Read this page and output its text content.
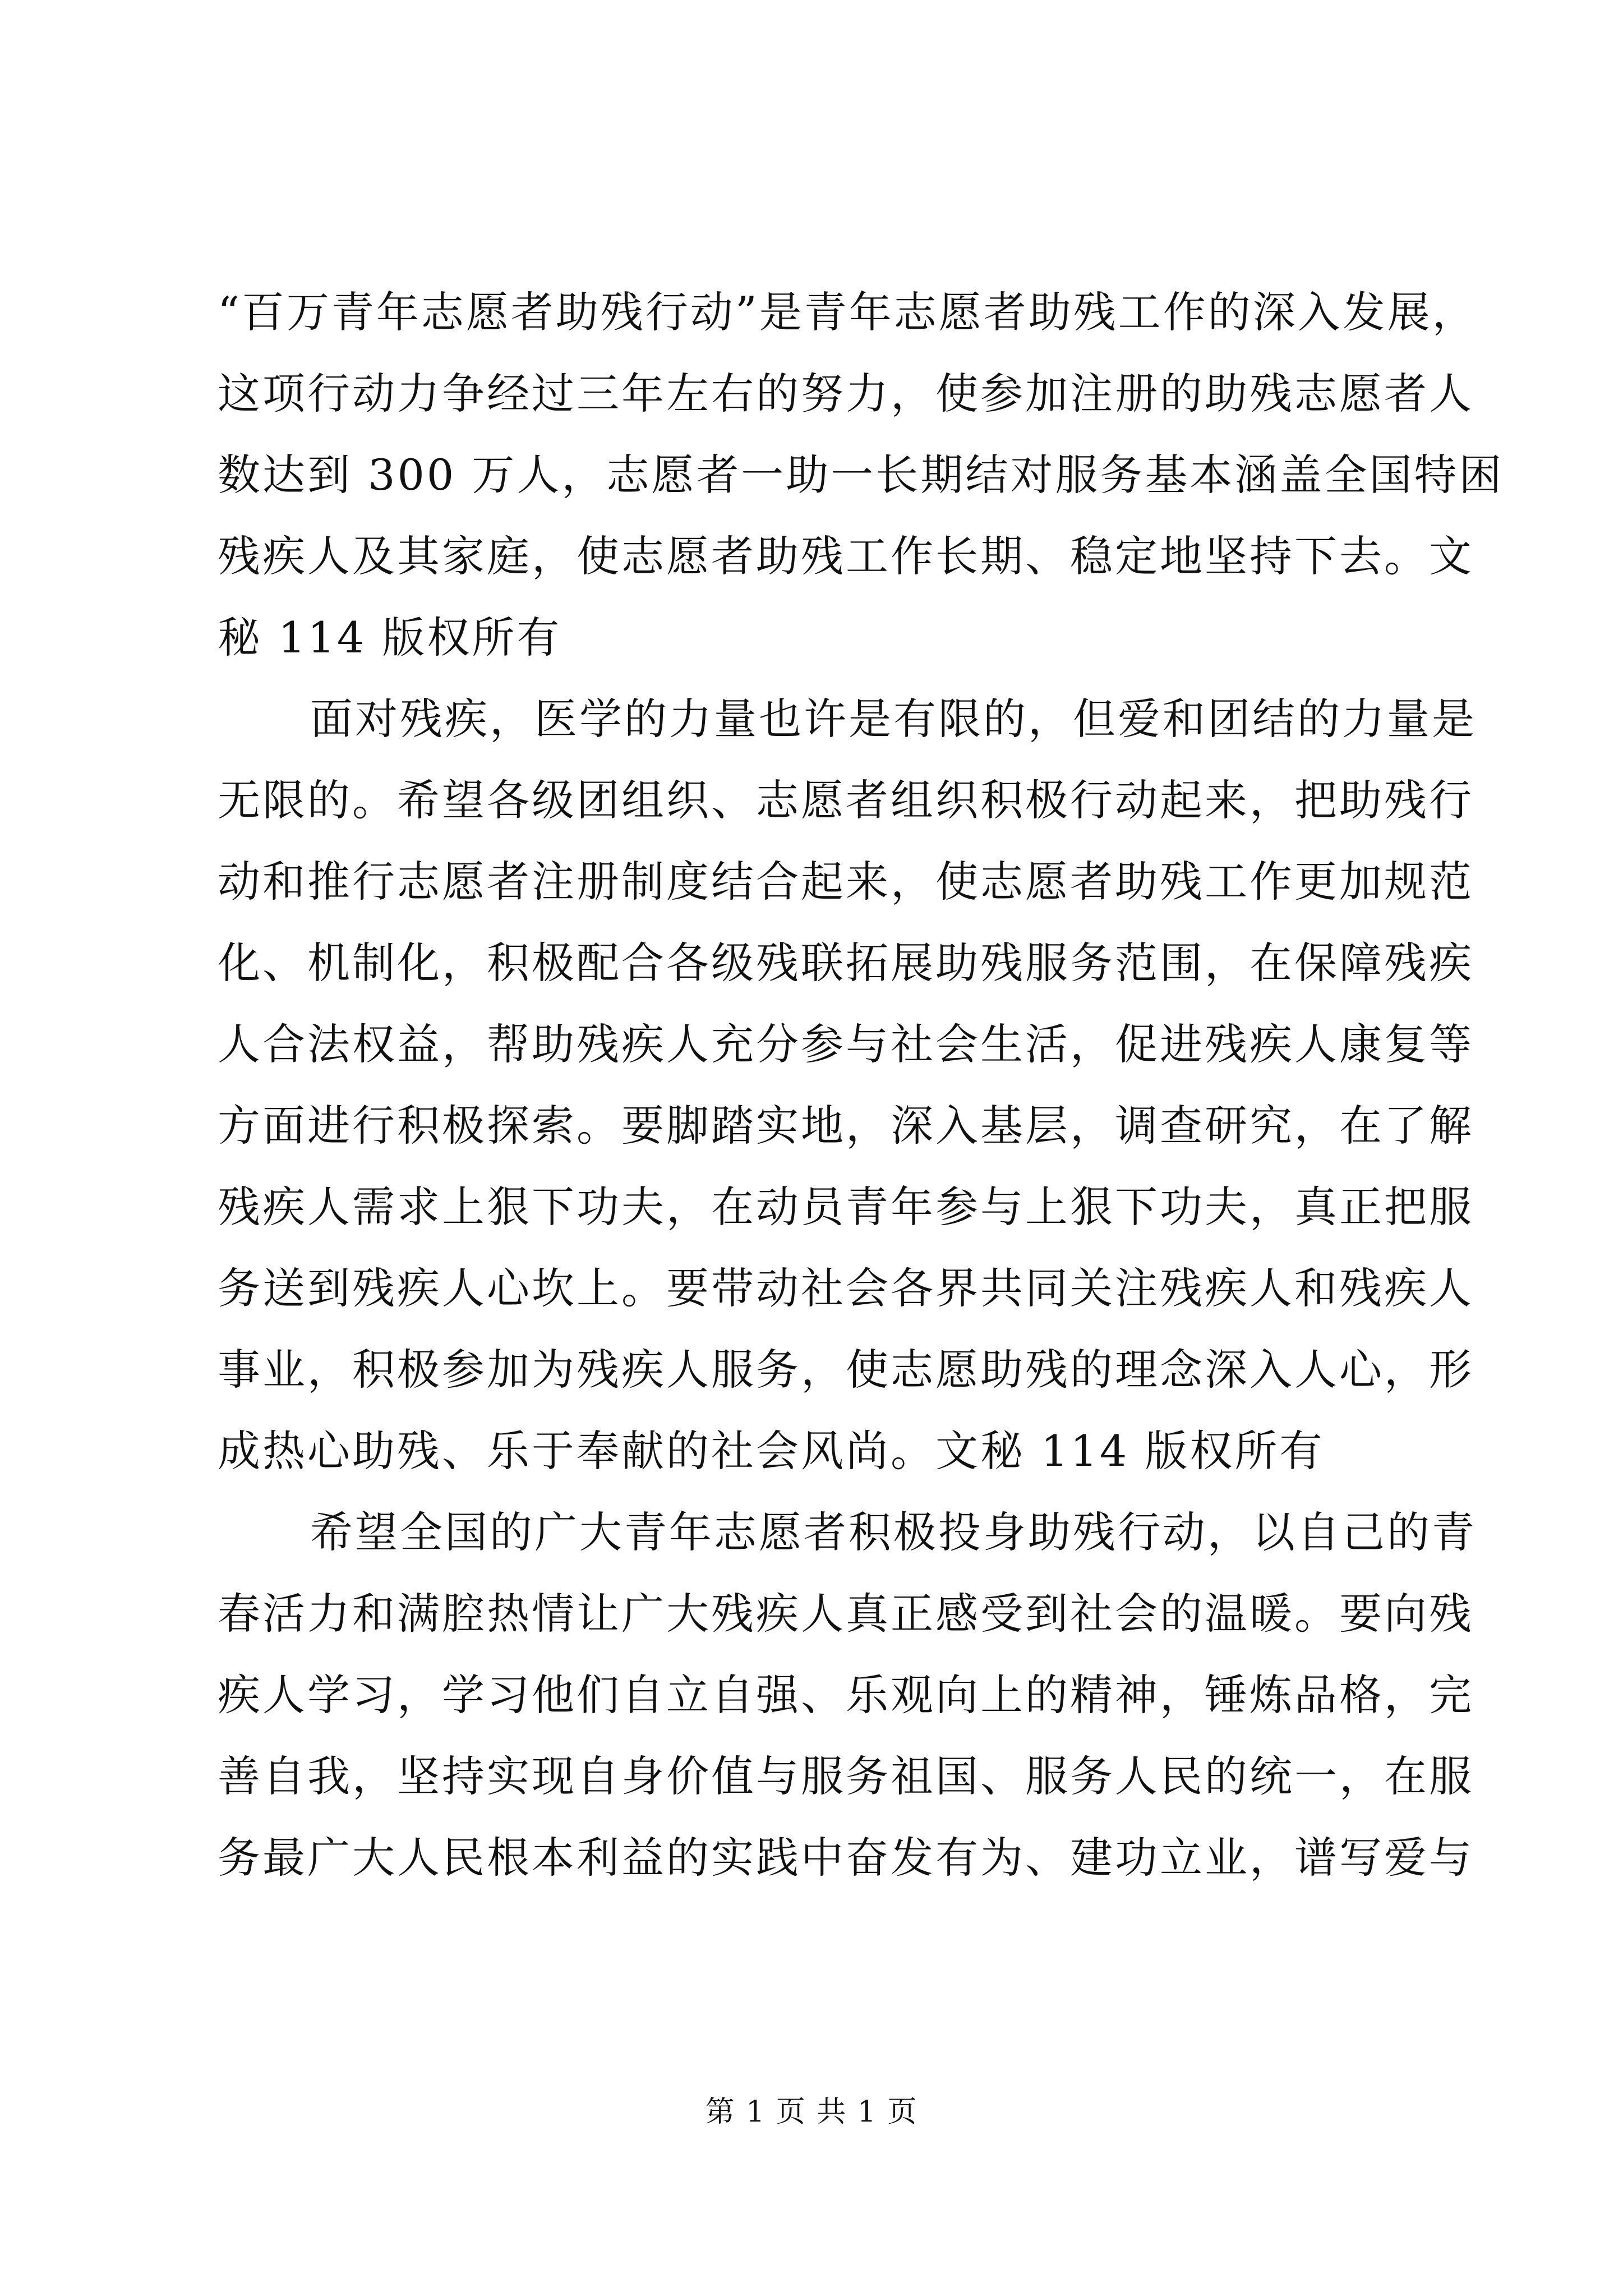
“百万青年志愿者助残行动”是青年志愿者助残工作的深入发展，
这项行动力争经过三年左右的努力，使参加注册的助残志愿者人
数达到 300 万人，志愿者一助一长期结对服务基本涵盖全国特困
残疾人及其家庭，使志愿者助残工作长期、稳定地坚持下去。文
秘 114 版权所有
面对残疾，医学的力量也许是有限的，但爱和团结的力量是
无限的。希望各级团组织、志愿者组织积极行动起来，把助残行
动和推行志愿者注册制度结合起来，使志愿者助残工作更加规范
化、机制化，积极配合各级残联拓展助残服务范围，在保障残疾
人合法权益，帮助残疾人充分参与社会生活，促进残疾人康复等
方面进行积极探索。要脚踏实地，深入基层，调查研究，在了解
残疾人需求上狠下功夫，在动员青年参与上狠下功夫，真正把服
务送到残疾人心坎上。要带动社会各界共同关注残疾人和残疾人
事业，积极参加为残疾人服务，使志愿助残的理念深入人心，形
成热心助残、乐于奉献的社会风尚。文秘 114 版权所有
希望全国的广大青年志愿者积极投身助残行动，以自己的青
春活力和满腔热情让广大残疾人真正感受到社会的温暖。要向残
疾人学习，学习他们自立自强、乐观向上的精神，锤炼品格，完
善自我，坚持实现自身价值与服务祖国、服务人民的统一，在服
务最广大人民根本利益的实践中奋发有为、建功立业，谱写爱与
第 1 页 共 1 页
